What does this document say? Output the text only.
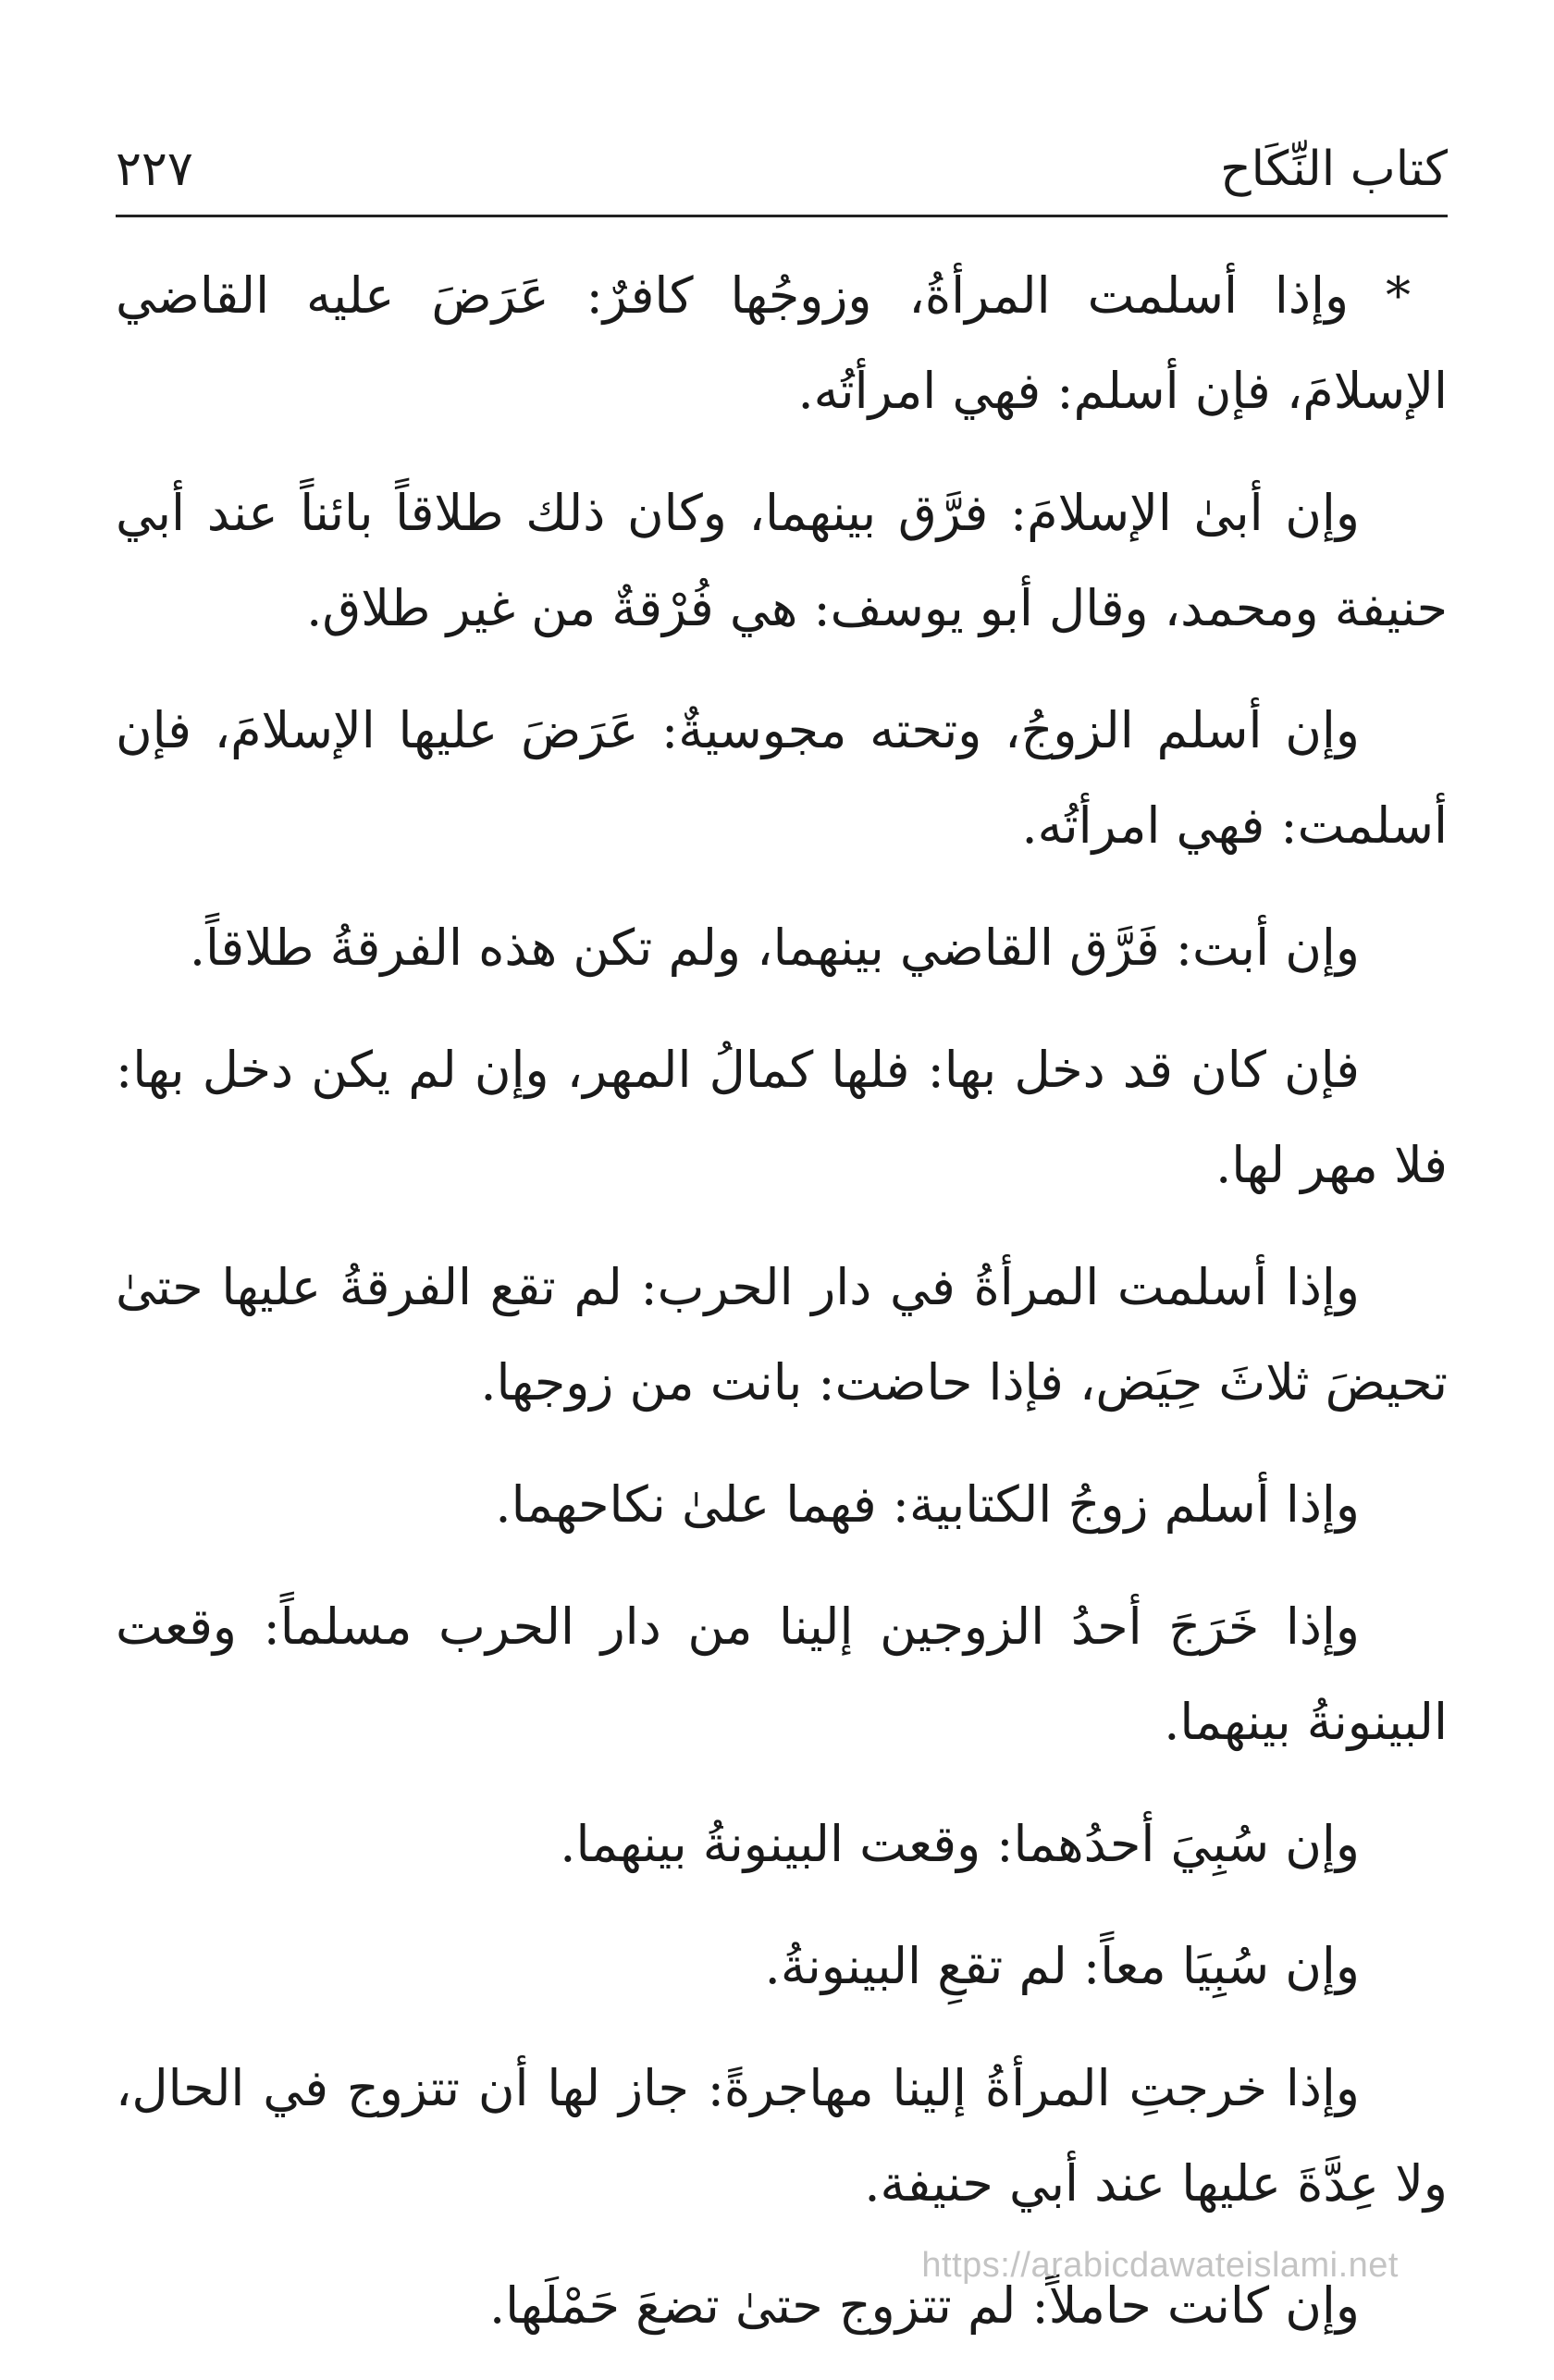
كتاب النِّكَاح
٢٢٧

* وإذا أسلمت المرأةُ، وزوجُها كافرٌ: عَرَضَ عليه القاضي الإسلامَ، فإن أسلم: فهي امرأتُه.

وإن أبىٰ الإسلامَ: فرَّق بينهما، وكان ذلك طلاقاً بائناً عند أبي حنيفة ومحمد، وقال أبو يوسف: هي فُرْقةٌ من غير طلاق.

وإن أسلم الزوجُ، وتحته مجوسيةٌ: عَرَضَ عليها الإسلامَ، فإن أسلمت: فهي امرأتُه.

وإن أبت: فَرَّق القاضي بينهما، ولم تكن هذه الفرقةُ طلاقاً.

فإن كان قد دخل بها: فلها كمالُ المهر، وإن لم يكن دخل بها: فلا مهر لها.

وإذا أسلمت المرأةُ في دار الحرب: لم تقع الفرقةُ عليها حتىٰ تحيضَ ثلاثَ حِيَض، فإذا حاضت: بانت من زوجها.

وإذا أسلم زوجُ الكتابية: فهما علىٰ نكاحهما.

وإذا خَرَجَ أحدُ الزوجين إلينا من دار الحرب مسلماً: وقعت البينونةُ بينهما.

وإن سُبِيَ أحدُهما: وقعت البينونةُ بينهما.

وإن سُبِيَا معاً: لم تقعِ البينونةُ.

وإذا خرجتِ المرأةُ إلينا مهاجرةً: جاز لها أن تتزوج في الحال، ولا عِدَّةَ عليها عند أبي حنيفة.

وإن كانت حاملاً: لم تتزوج حتىٰ تضعَ حَمْلَها.

https://arabicdawateislami.net
